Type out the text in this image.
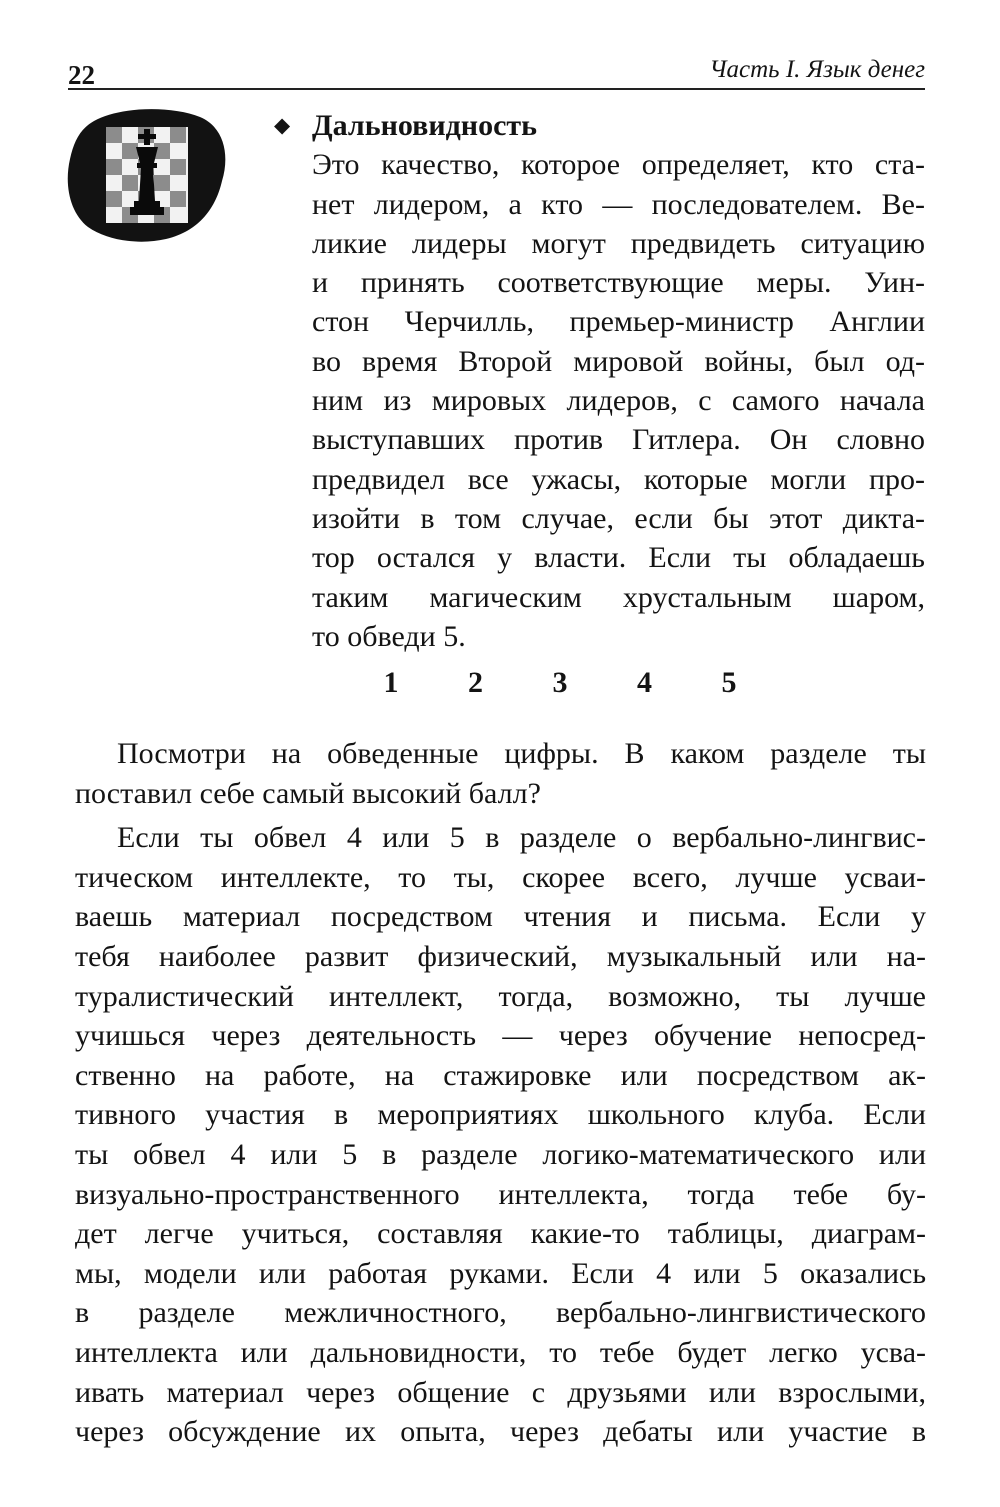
22	Часть I. Язык денег
◆ Дальновидность
Это качество, которое определяет, кто ста-
нет лидером, а кто — последователем. Ве-
ликие лидеры могут предвидеть ситуацию
и принять соответствующие меры. Уин-
стон Черчилль, премьер-министр Англии
во время Второй мировой войны, был од-
ним из мировых лидеров, с самого начала
выступавших против Гитлера. Он словно
предвидел все ужасы, которые могли про-
изойти в том случае, если бы этот дикта-
тор остался у власти. Если ты обладаешь
таким магическим хрустальным шаром,
то обведи 5.
1 2 3 4 5
Посмотри на обведенные цифры. В каком разделе ты
поставил себе самый высокий балл?
Если ты обвел 4 или 5 в разделе о вербально-лингвис-
тическом интеллекте, то ты, скорее всего, лучше усваи-
ваешь материал посредством чтения и письма. Если у
тебя наиболее развит физический, музыкальный или на-
туралистический интеллект, тогда, возможно, ты лучше
учишься через деятельность — через обучение непосред-
ственно на работе, на стажировке или посредством ак-
тивного участия в мероприятиях школьного клуба. Если
ты обвел 4 или 5 в разделе логико-математического или
визуально-пространственного интеллекта, тогда тебе бу-
дет легче учиться, составляя какие-то таблицы, диаграм-
мы, модели или работая руками. Если 4 или 5 оказались
в разделе межличностного, вербально-лингвистического
интеллекта или дальновидности, то тебе будет легко усва-
ивать материал через общение с друзьями или взрослыми,
через обсуждение их опыта, через дебаты или участие в
